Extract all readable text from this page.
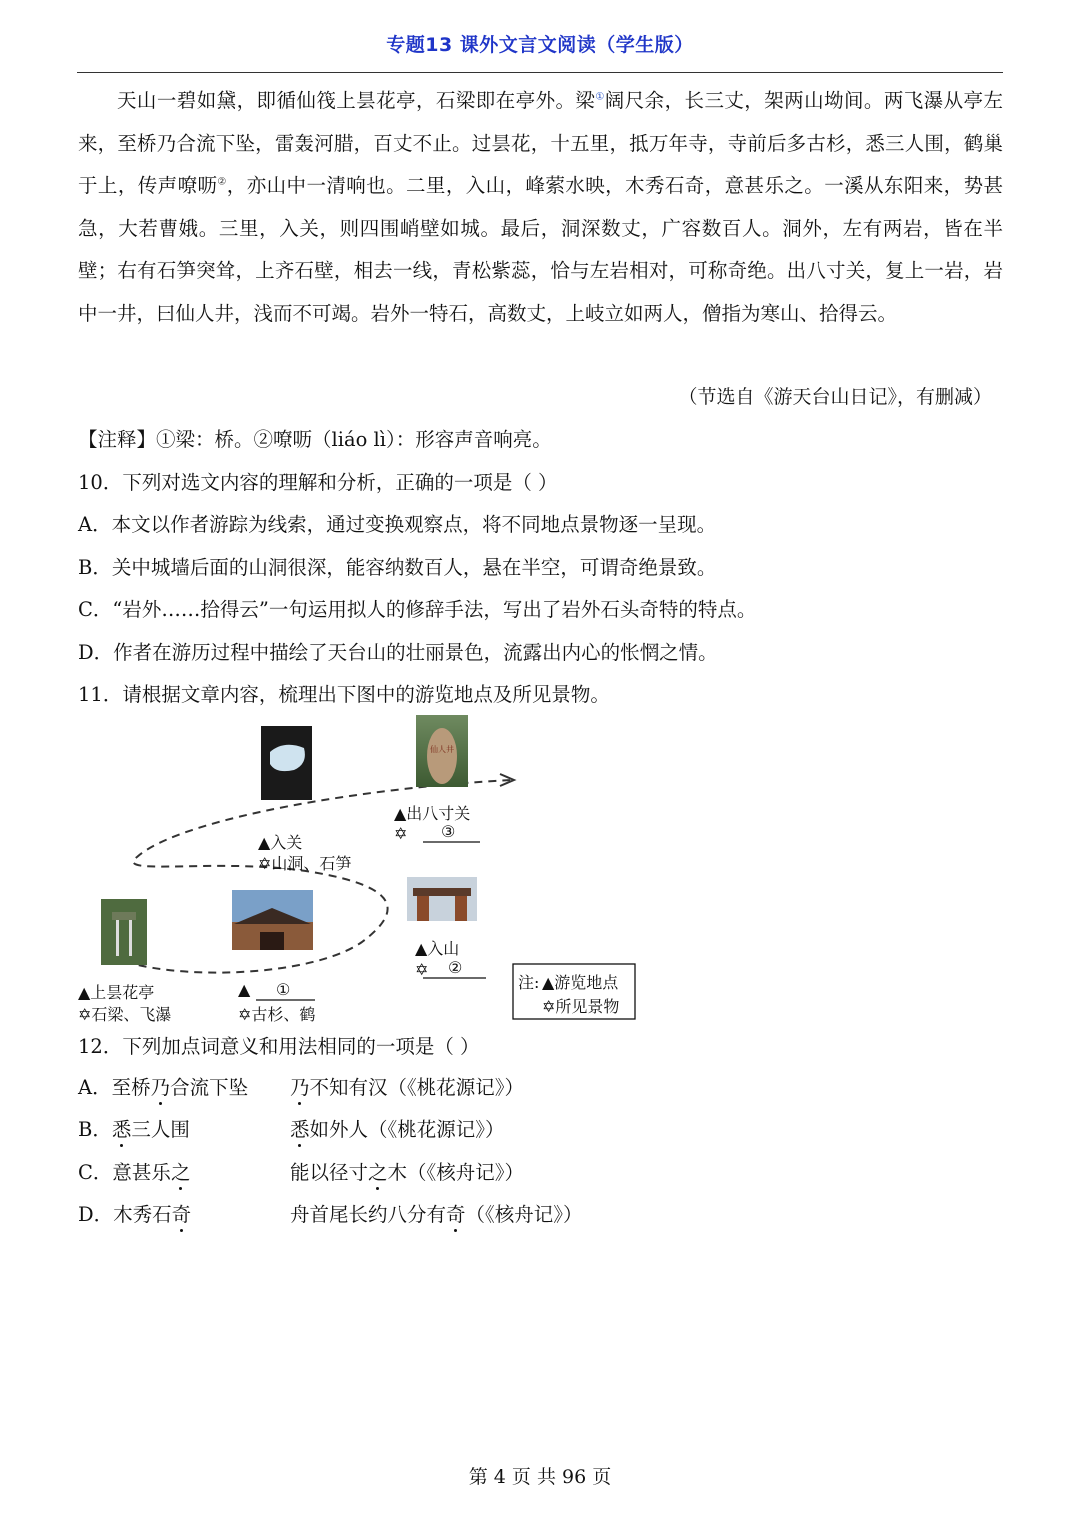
专题13 课外文言文阅读（学生版）

天山一碧如黛，即循仙筏上昙花亭，石梁即在亭外。梁①阔尺余，长三丈，架两山坳间。两飞瀑从亭左来，至桥乃合流下坠，雷轰河腊，百丈不止。过昙花，十五里，抵万年寺，寺前后多古杉，悉三人围，鹤巢于上，传声嘹呖②，亦山中一清响也。二里，入山，峰萦水映，木秀石奇，意甚乐之。一溪从东阳来，势甚急，大若曹娥。三里，入关，则四围峭壁如城。最后，洞深数丈，广容数百人。洞外，左有两岩，皆在半壁；右有石笋突耸，上齐石壁，相去一线，青松紫蕊，恰与左岩相对，可称奇绝。出八寸关，复上一岩，岩中一井，曰仙人井，浅而不可竭。岩外一特石，高数丈，上岐立如两人，僧指为寒山、拾得云。

（节选自《游天台山日记》，有删减）
【注释】①梁：桥。②嘹呖（liáo lì）：形容声音响亮。
10．下列对选文内容的理解和分析，正确的一项是（ ）
A．本文以作者游踪为线索，通过变换观察点，将不同地点景物逐一呈现。
B．关中城墙后面的山洞很深，能容纳数百人，悬在半空，可谓奇绝景致。
C．“岩外……拾得云”一句运用拟人的修辞手法，写出了岩外石头奇特的特点。
D．作者在游历过程中描绘了天台山的壮丽景色，流露出内心的怅惘之情。
11．请根据文章内容，梳理出下图中的游览地点及所见景物。
仙人井
▲入关
✡山洞、石笋
▲出八寸关
✡ ③
▲入山
✡ ②
▲上昙花亭
✡石梁、飞瀑
▲ ①
✡古杉、鹤
注: ▲游览地点
✡所见景物
12．下列加点词意义和用法相同的一项是（ ）
A．至桥乃合流下坠 乃不知有汉（《桃花源记》）
B．悉三人围	悉如外人（《桃花源记》）
C．意甚乐之	能以径寸之木（《核舟记》）
D．木秀石奇	舟首尾长约八分有奇（《核舟记》）
第 4 页 共 96 页
